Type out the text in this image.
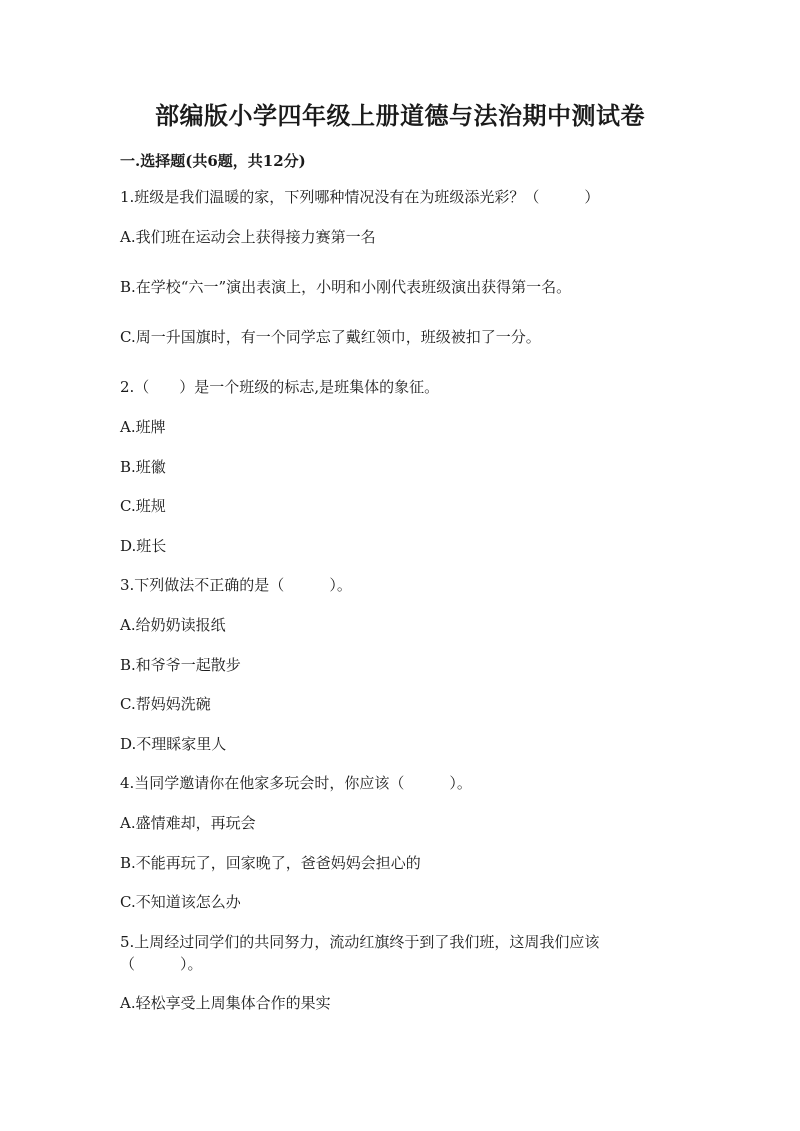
部编版小学四年级上册道德与法治期中测试卷
一.选择题(共6题，共12分)
1.班级是我们温暖的家，下列哪种情况没有在为班级添光彩？（　　　）
A.我们班在运动会上获得接力赛第一名
B.在学校“六一”演出表演上，小明和小刚代表班级演出获得第一名。
C.周一升国旗时，有一个同学忘了戴红领巾，班级被扣了一分。
2.（　　）是一个班级的标志,是班集体的象征。
A.班牌
B.班徽
C.班规
D.班长
3.下列做法不正确的是（　　　）。
A.给奶奶读报纸
B.和爷爷一起散步
C.帮妈妈洗碗
D.不理睬家里人
4.当同学邀请你在他家多玩会时，你应该（　　　）。
A.盛情难却，再玩会
B.不能再玩了，回家晚了，爸爸妈妈会担心的
C.不知道该怎么办
5.上周经过同学们的共同努力，流动红旗终于到了我们班，这周我们应该（　　　）。
A.轻松享受上周集体合作的果实
